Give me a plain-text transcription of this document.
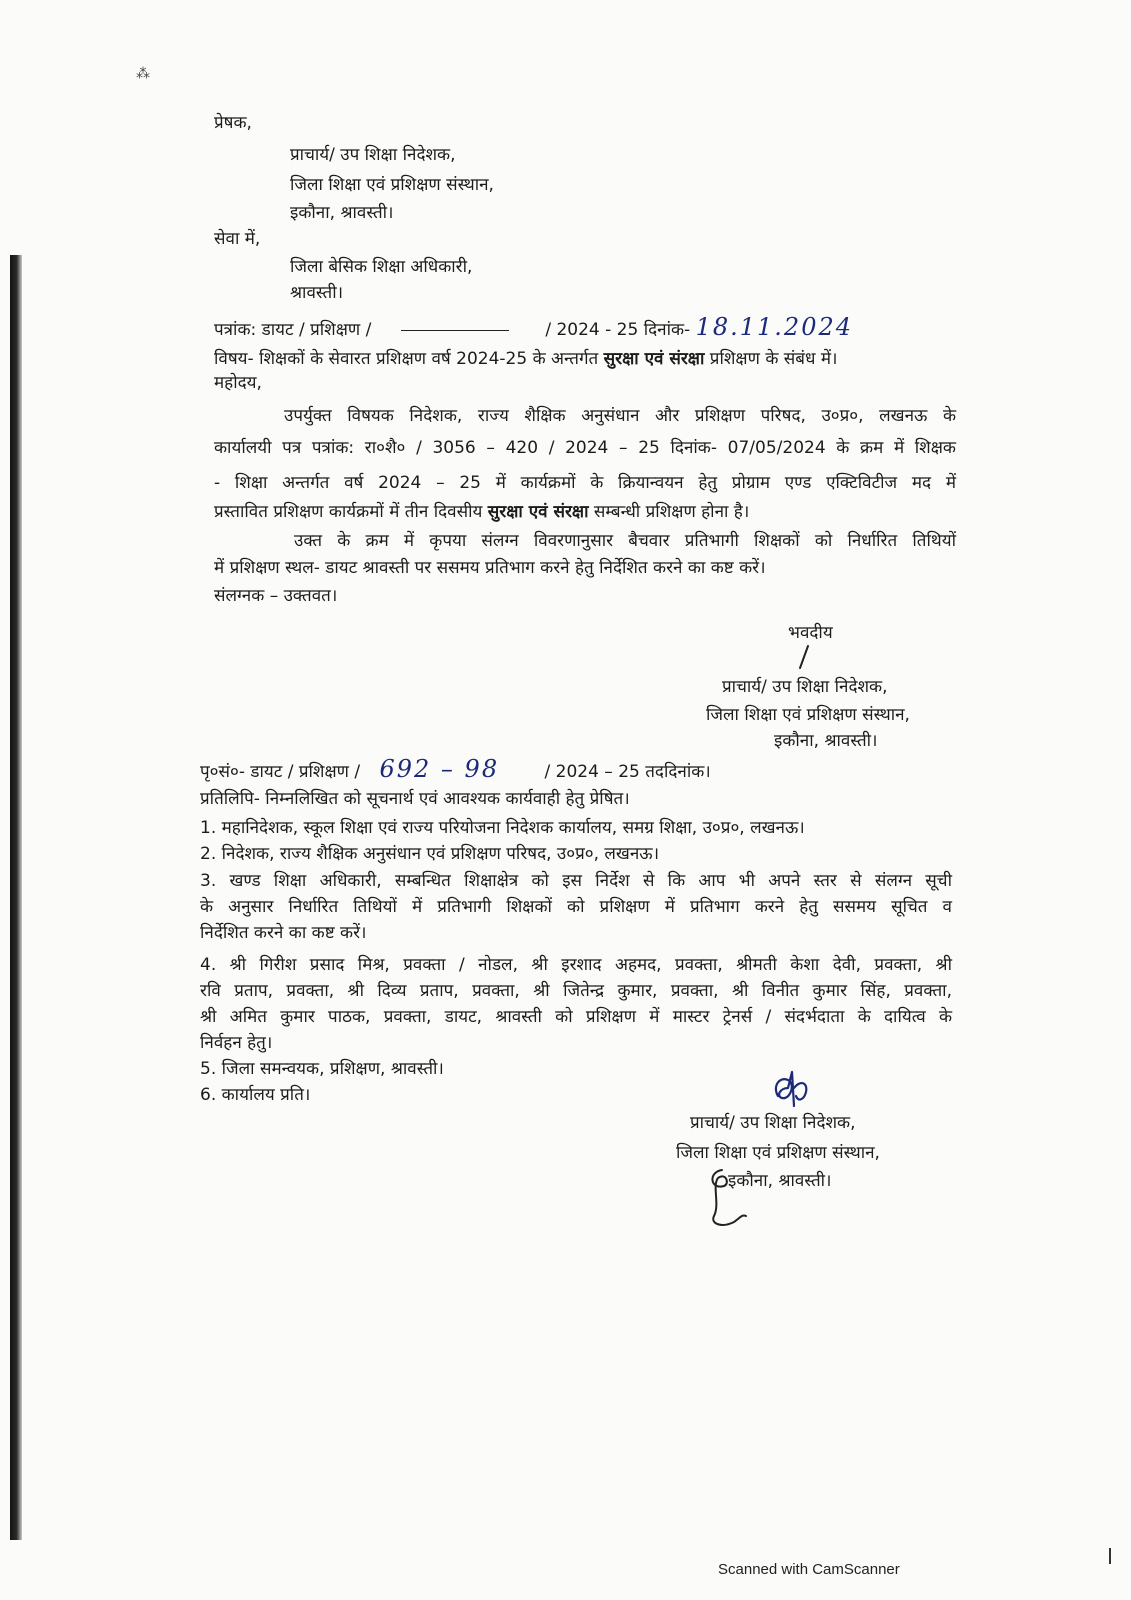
⁂
प्रेषक,
प्राचार्य/ उप शिक्षा निदेशक,
जिला शिक्षा एवं प्रशिक्षण संस्थान,
इकौना, श्रावस्ती।
सेवा में,
जिला बेसिक शिक्षा अधिकारी,
श्रावस्ती।
पत्रांक: डायट / प्रशिक्षण /	/ 2024 - 25 दिनांक- 18.11.2024
विषय- शिक्षकों के सेवारत प्रशिक्षण वर्ष 2024-25 के अन्तर्गत सुरक्षा एवं संरक्षा प्रशिक्षण के संबंध में।
महोदय,
उपर्युक्त विषयक निदेशक, राज्य शैक्षिक अनुसंधान और प्रशिक्षण परिषद, उ०प्र०, लखनऊ के
कार्यालयी पत्र पत्रांक: रा०शै० / 3056 – 420 / 2024 – 25 दिनांक- 07/05/2024 के क्रम में शिक्षक
- शिक्षा अन्तर्गत वर्ष 2024 – 25 में कार्यक्रमों के क्रियान्वयन हेतु प्रोग्राम एण्ड एक्टिविटीज मद में
प्रस्तावित प्रशिक्षण कार्यक्रमों में तीन दिवसीय सुरक्षा एवं संरक्षा सम्बन्धी प्रशिक्षण होना है।
उक्त के क्रम में कृपया संलग्न विवरणानुसार बैचवार प्रतिभागी शिक्षकों को निर्धारित तिथियों
में प्रशिक्षण स्थल- डायट श्रावस्ती पर ससमय प्रतिभाग करने हेतु निर्देशित करने का कष्ट करें।
संलग्नक – उक्तवत।
भवदीय
प्राचार्य/ उप शिक्षा निदेशक,
जिला शिक्षा एवं प्रशिक्षण संस्थान,
इकौना, श्रावस्ती।
पृ०सं०- डायट / प्रशिक्षण / 692 – 98	/ 2024 – 25 तददिनांक।
प्रतिलिपि- निम्नलिखित को सूचनार्थ एवं आवश्यक कार्यवाही हेतु प्रेषित।
1. महानिदेशक, स्कूल शिक्षा एवं राज्य परियोजना निदेशक कार्यालय, समग्र शिक्षा, उ०प्र०, लखनऊ।
2. निदेशक, राज्य शैक्षिक अनुसंधान एवं प्रशिक्षण परिषद, उ०प्र०, लखनऊ।
3. खण्ड शिक्षा अधिकारी, सम्बन्धित शिक्षाक्षेत्र को इस निर्देश से कि आप भी अपने स्तर से संलग्न सूची
के अनुसार निर्धारित तिथियों में प्रतिभागी शिक्षकों को प्रशिक्षण में प्रतिभाग करने हेतु ससमय सूचित व
निर्देशित करने का कष्ट करें।
4. श्री गिरीश प्रसाद मिश्र, प्रवक्ता / नोडल, श्री इरशाद अहमद, प्रवक्ता, श्रीमती केशा देवी, प्रवक्ता, श्री
रवि प्रताप, प्रवक्ता, श्री दिव्य प्रताप, प्रवक्ता, श्री जितेन्द्र कुमार, प्रवक्ता, श्री विनीत कुमार सिंह, प्रवक्ता,
श्री अमित कुमार पाठक, प्रवक्ता, डायट, श्रावस्ती को प्रशिक्षण में मास्टर ट्रेनर्स / संदर्भदाता के दायित्व के
निर्वहन हेतु।
5. जिला समन्वयक, प्रशिक्षण, श्रावस्ती।
6. कार्यालय प्रति।
प्राचार्य/ उप शिक्षा निदेशक,
जिला शिक्षा एवं प्रशिक्षण संस्थान,
इकौना, श्रावस्ती।
Scanned with CamScanner
